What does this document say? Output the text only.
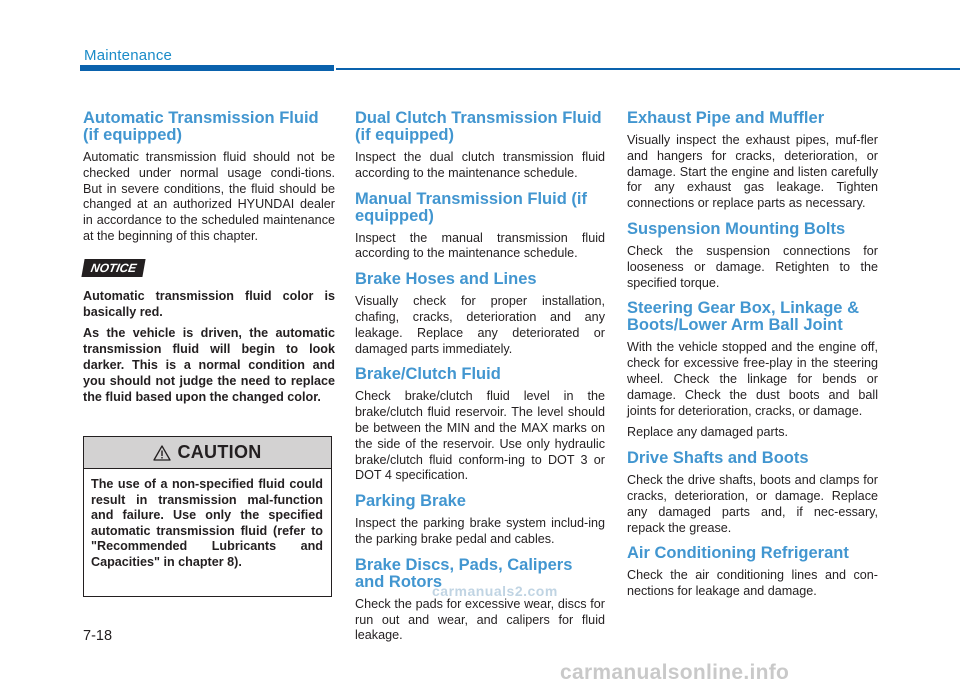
Maintenance
Automatic Transmission Fluid (if equipped)

Automatic transmission fluid should not be checked under normal usage condi-tions. But in severe conditions, the fluid should be changed at an authorized HYUNDAI dealer in accordance to the scheduled maintenance at the beginning of this chapter.

NOTICE

Automatic transmission fluid color is basically red.

As the vehicle is driven, the automatic transmission fluid will begin to look darker. This is a normal condition and you should not judge the need to replace the fluid based upon the changed color.

CAUTION
The use of a non-specified fluid could result in transmission mal-function and failure. Use only the specified automatic transmission fluid (refer to "Recommended Lubricants and Capacities" in chapter 8).
Dual Clutch Transmission Fluid (if equipped)

Inspect the dual clutch transmission fluid according to the maintenance schedule.

Manual Transmission Fluid (if equipped)

Inspect the manual transmission fluid according to the maintenance schedule.

Brake Hoses and Lines

Visually check for proper installation, chafing, cracks, deterioration and any leakage. Replace any deteriorated or damaged parts immediately.

Brake/Clutch Fluid

Check brake/clutch fluid level in the brake/clutch fluid reservoir. The level should be between the MIN and the MAX marks on the side of the reservoir. Use only hydraulic brake/clutch fluid conform-ing to DOT 3 or DOT 4 specification.

Parking Brake

Inspect the parking brake system includ-ing the parking brake pedal and cables.

Brake Discs, Pads, Calipers and Rotors

Check the pads for excessive wear, discs for run out and wear, and calipers for fluid leakage.

Exhaust Pipe and Muffler

Visually inspect the exhaust pipes, muf-fler and hangers for cracks, deterioration, or damage. Start the engine and listen carefully for any exhaust gas leakage. Tighten connections or replace parts as necessary.

Suspension Mounting Bolts

Check the suspension connections for looseness or damage. Retighten to the specified torque.

Steering Gear Box, Linkage & Boots/Lower Arm Ball Joint

With the vehicle stopped and the engine off, check for excessive free-play in the steering wheel. Check the linkage for bends or damage. Check the dust boots and ball joints for deterioration, cracks, or damage.

Replace any damaged parts.

Drive Shafts and Boots

Check the drive shafts, boots and clamps for cracks, deterioration, or damage. Replace any damaged parts and, if nec-essary, repack the grease.

Air Conditioning Refrigerant

Check the air conditioning lines and con-nections for leakage and damage.

carmanuals2.com
7-18
carmanualsonline.info
